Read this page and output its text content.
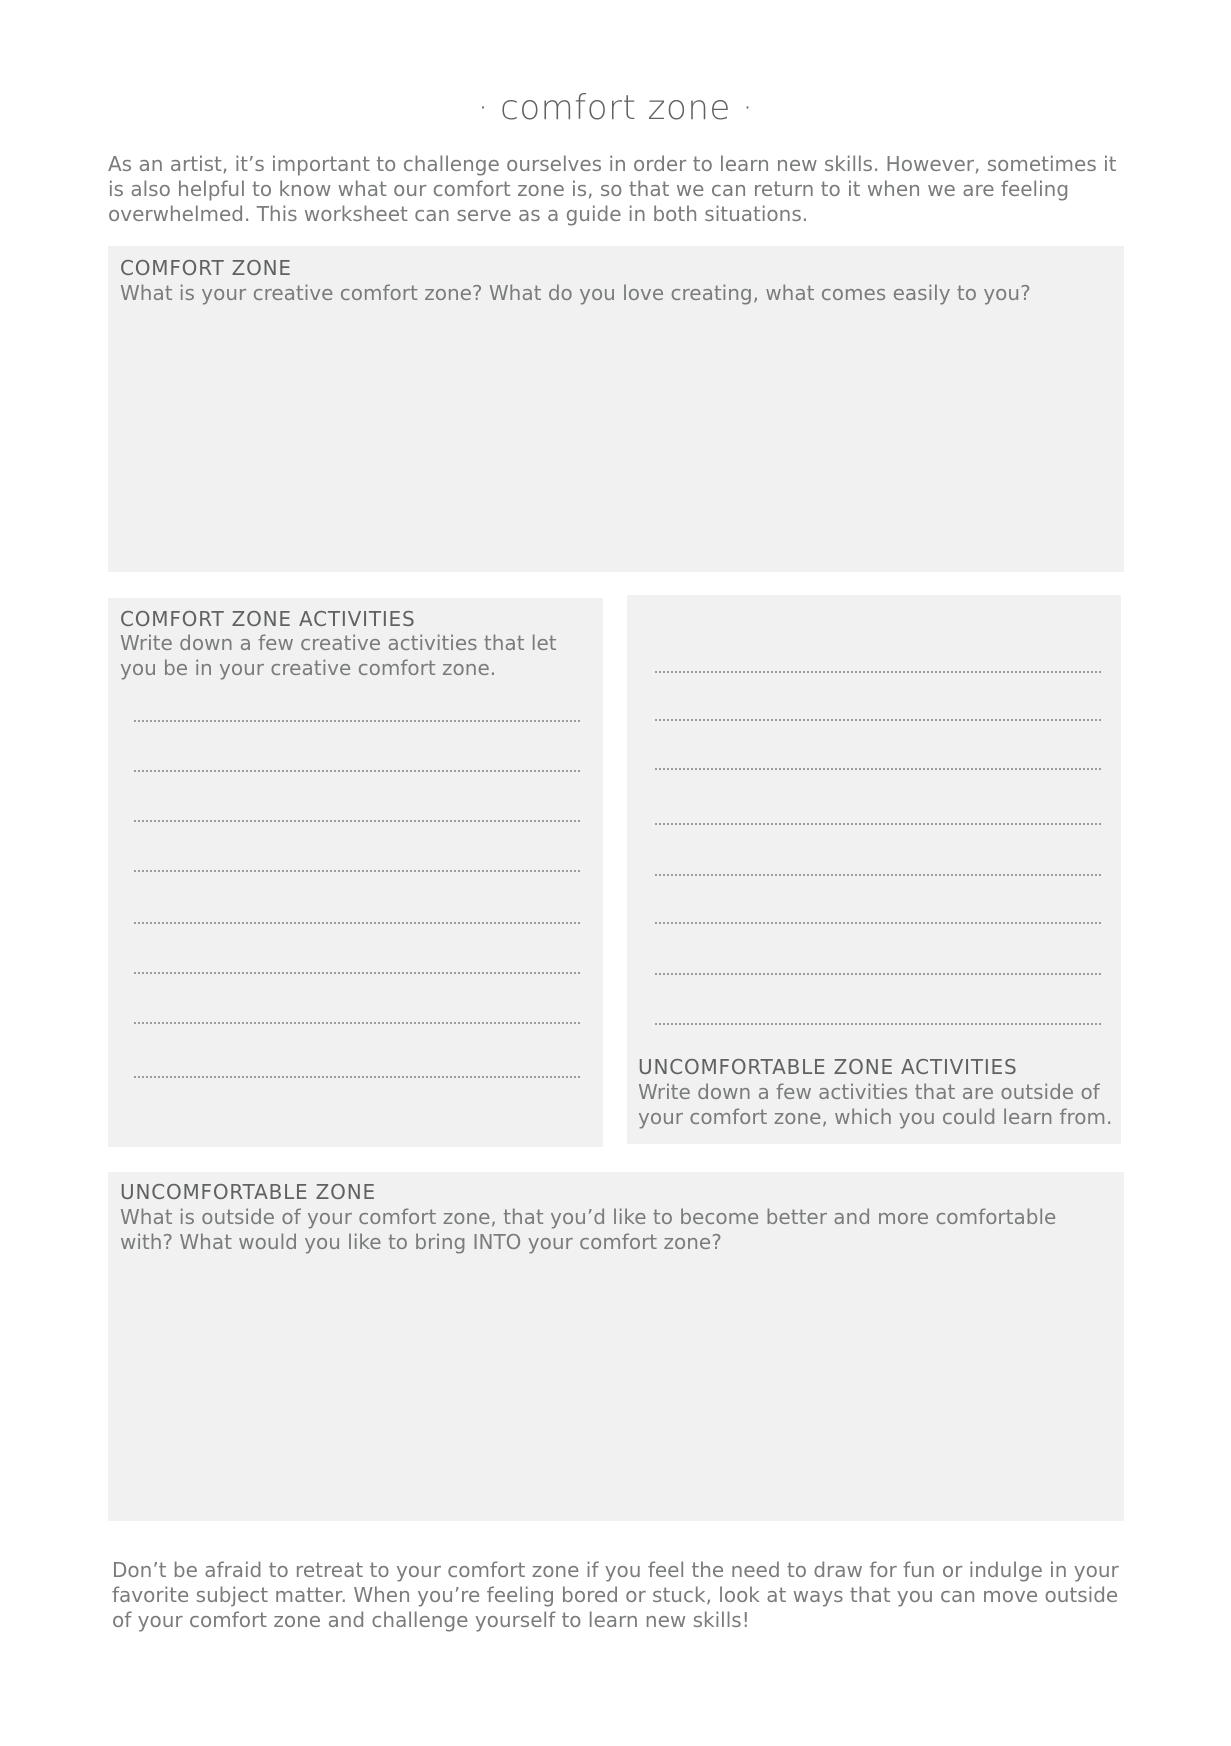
· comfort zone ·

As an artist, it’s important to challenge ourselves in order to learn new skills. However, sometimes it is also helpful to know what our comfort zone is, so that we can return to it when we are feeling overwhelmed. This worksheet can serve as a guide in both situations.

COMFORT ZONE

What is your creative comfort zone? What do you love creating, what comes easily to you?

COMFORT ZONE ACTIVITIES

Write down a few creative activities that let you be in your creative comfort zone.

UNCOMFORTABLE ZONE ACTIVITIES

Write down a few activities that are outside of your comfort zone, which you could learn from.

UNCOMFORTABLE ZONE

What is outside of your comfort zone, that you’d like to become better and more comfortable with? What would you like to bring INTO your comfort zone?

Don’t be afraid to retreat to your comfort zone if you feel the need to draw for fun or indulge in your favorite subject matter. When you’re feeling bored or stuck, look at ways that you can move outside of your comfort zone and challenge yourself to learn new skills!
